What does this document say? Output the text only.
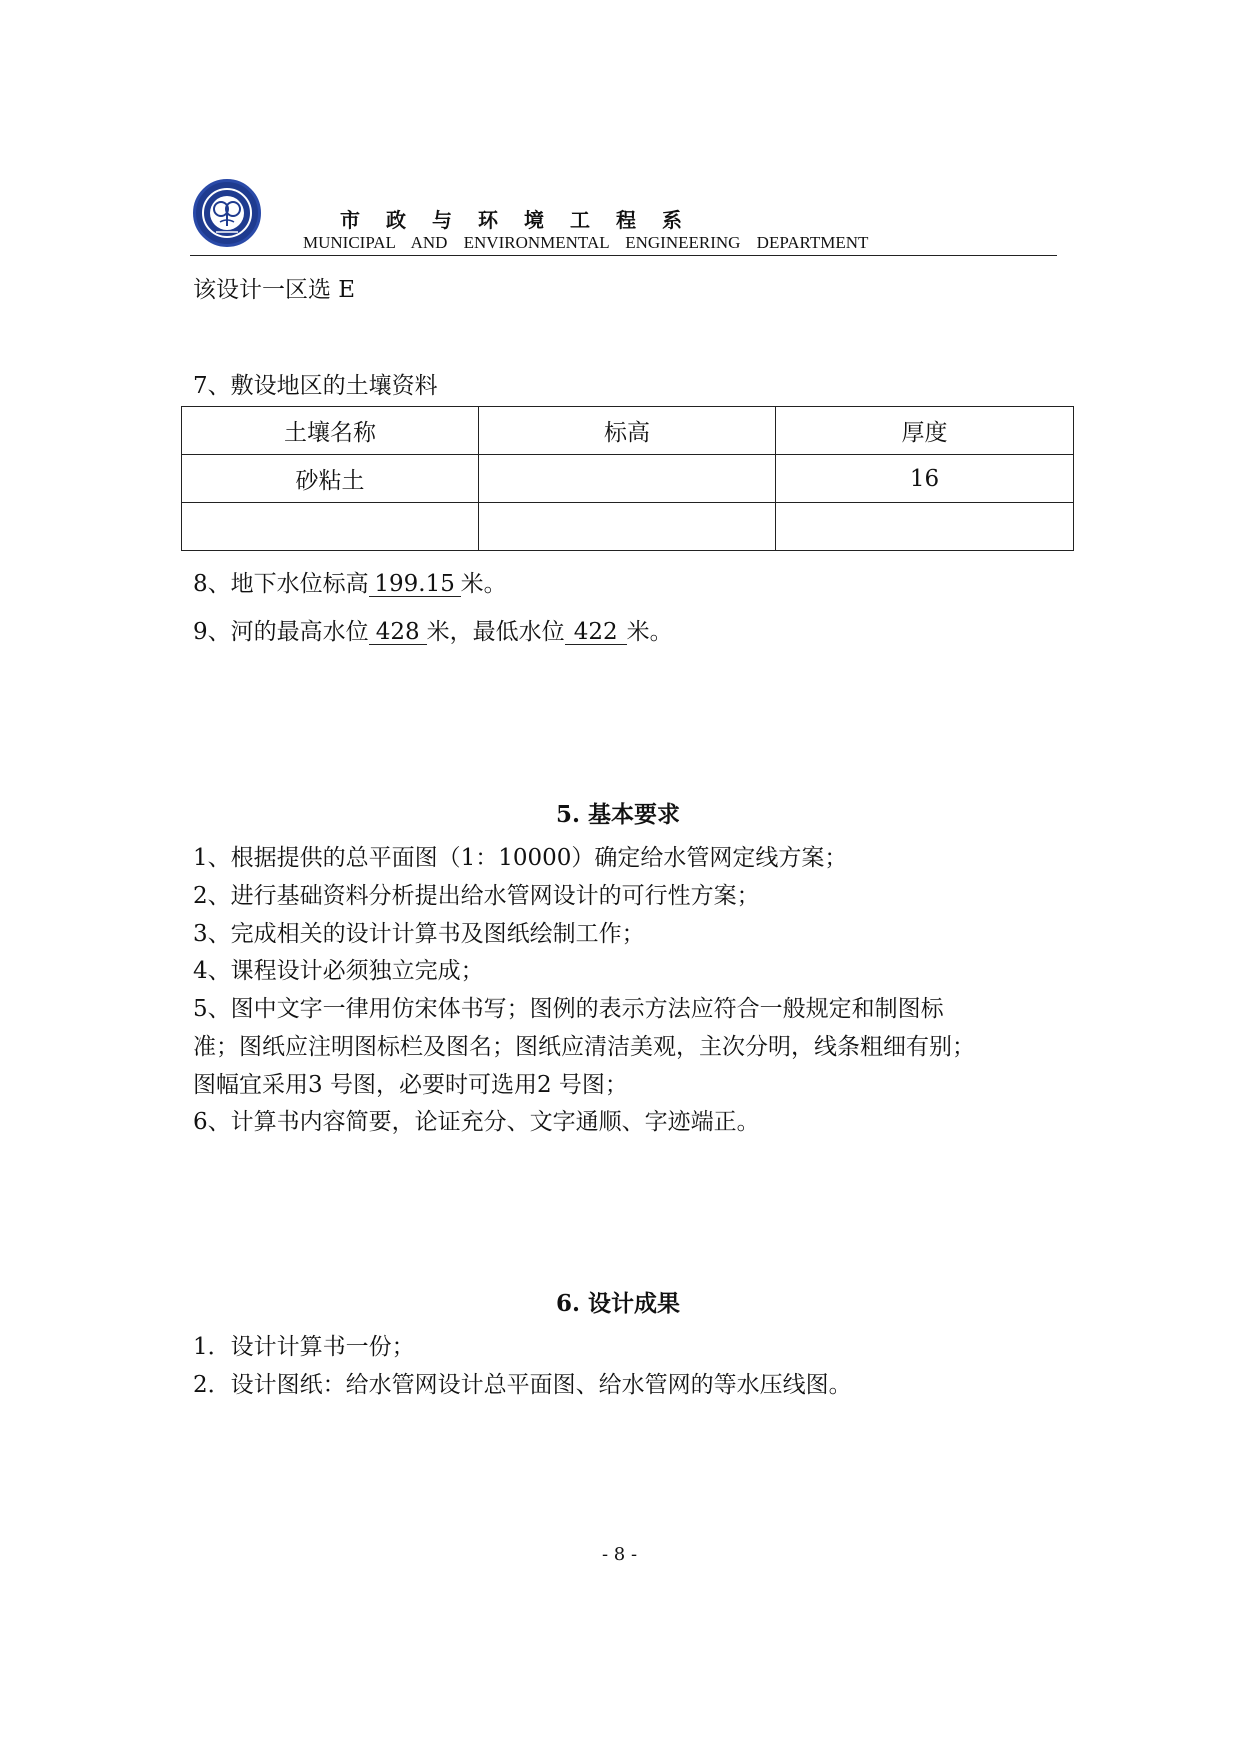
市 政 与 环 境 工 程 系
MUNICIPAL AND ENVIRONMENTAL ENGINEERING DEPARTMENT
该设计一区选 E
7、敷设地区的土壤资料
土壤名称	标高	厚度
砂粘土		16

8、地下水位标高 199.15 米。
9、河的最高水位 428 米，最低水位 422 米。
5. 基本要求
1、根据提供的总平面图（1：10000）确定给水管网定线方案；
2、进行基础资料分析提出给水管网设计的可行性方案；
3、完成相关的设计计算书及图纸绘制工作；
4、课程设计必须独立完成；
5、图中文字一律用仿宋体书写；图例的表示方法应符合一般规定和制图标
准；图纸应注明图标栏及图名；图纸应清洁美观，主次分明，线条粗细有别；
图幅宜采用3 号图，必要时可选用2 号图；
6、计算书内容简要，论证充分、文字通顺、字迹端正。
6. 设计成果
1．设计计算书一份；
2．设计图纸：给水管网设计总平面图、给水管网的等水压线图。
- 8 -
